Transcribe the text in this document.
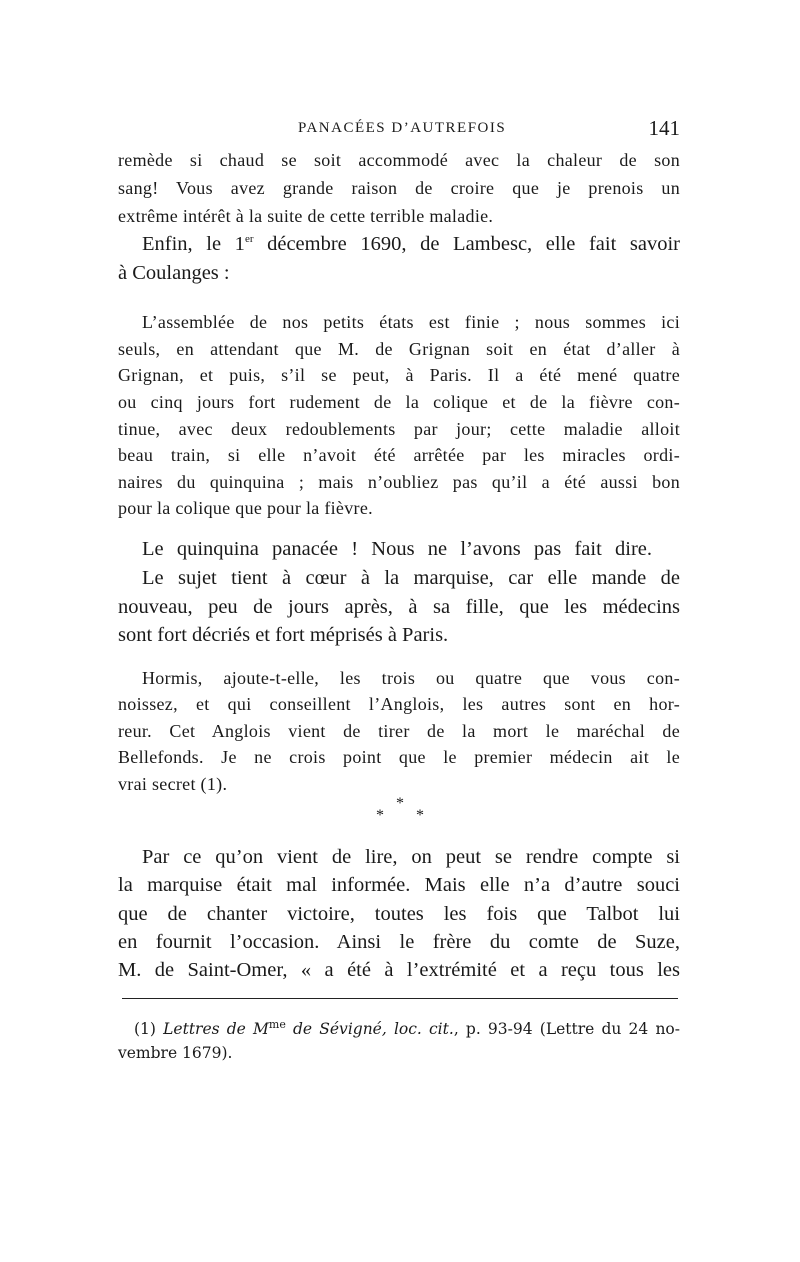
PANACÉES D’AUTREFOIS	141
remède si chaud se soit accommodé avec la chaleur de son
sang! Vous avez grande raison de croire que je prenois un
extrême intérêt à la suite de cette terrible maladie.
Enfin, le 1er décembre 1690, de Lambesc, elle fait savoir
à Coulanges :
L’assemblée de nos petits états est finie ; nous sommes ici
seuls, en attendant que M. de Grignan soit en état d’aller à
Grignan, et puis, s’il se peut, à Paris. Il a été mené quatre
ou cinq jours fort rudement de la colique et de la fièvre con-
tinue, avec deux redoublements par jour; cette maladie alloit
beau train, si elle n’avoit été arrêtée par les miracles ordi-
naires du quinquina ; mais n’oubliez pas qu’il a été aussi bon
pour la colique que pour la fièvre.
Le quinquina panacée ! Nous ne l’avons pas fait dire.
Le sujet tient à cœur à la marquise, car elle mande de
nouveau, peu de jours après, à sa fille, que les médecins
sont fort décriés et fort méprisés à Paris.
Hormis, ajoute-t-elle, les trois ou quatre que vous con-
noissez, et qui conseillent l’Anglois, les autres sont en hor-
reur. Cet Anglois vient de tirer de la mort le maréchal de
Bellefonds. Je ne crois point que le premier médecin ait le
vrai secret (1).
*
* *
Par ce qu’on vient de lire, on peut se rendre compte si
la marquise était mal informée. Mais elle n’a d’autre souci
que de chanter victoire, toutes les fois que Talbot lui
en fournit l’occasion. Ainsi le frère du comte de Suze,
M. de Saint-Omer, « a été à l’extrémité et a reçu tous les
(1) Lettres de $M^{me}$ de Sévigné, loc. cit., p. 93-94 (Lettre du 24 no-
vembre 1679).
